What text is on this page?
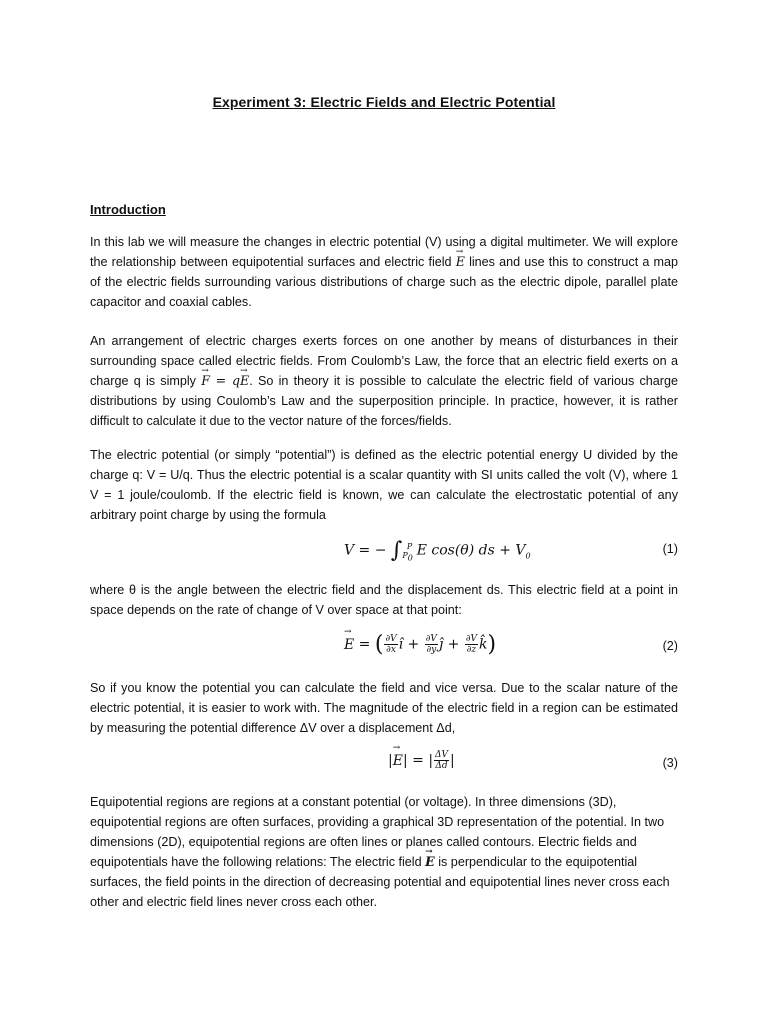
Experiment 3: Electric Fields and Electric Potential
Introduction

In this lab we will measure the changes in electric potential (V) using a digital multimeter. We will explore the relationship between equipotential surfaces and electric field → E lines and use this to construct a map of the electric fields surrounding various distributions of charge such as the electric dipole, parallel plate capacitor and coaxial cables.

An arrangement of electric charges exerts forces on one another by means of disturbances in their surrounding space called electric fields. From Coulomb’s Law, the force that an electric field exerts on a charge q is simply → F = q→ E. So in theory it is possible to calculate the electric field of various charge distributions by using Coulomb’s Law and the superposition principle. In practice, however, it is rather difficult to calculate it due to the vector nature of the forces/fields.

The electric potential (or simply “potential”) is defined as the electric potential energy U divided by the charge q: V = U/q. Thus the electric potential is a scalar quantity with SI units called the volt (V), where 1 V = 1 joule/coulomb. If the electric field is known, we can calculate the electrostatic potential of any arbitrary point charge by using the formula

V = − $\int_{P0}^P$ E cos(θ) ds + $V_0$	(1)

where θ is the angle between the electric field and the displacement ds. This electric field at a point in space depends on the rate of change of V over space at that point:

→ E = ( $\frac{\partial V}{\partial x}$ î + $\frac{\partial V}{\partial y}$ ĵ + $\frac{\partial V}{\partial z}$ k̂)	(2)

So if you know the potential you can calculate the field and vice versa. Due to the scalar nature of the electric potential, it is easier to work with. The magnitude of the electric field in a region can be estimated by measuring the potential difference ΔV over a displacement Δd,

|→ E| = | $\frac{\Delta V}{\Delta d}$ |	(3)

Equipotential regions are regions at a constant potential (or voltage). In three dimensions (3D), equipotential regions are often surfaces, providing a graphical 3D representation of the potential. In two dimensions (2D), equipotential regions are often lines or planes called contours. Electric fields and equipotentials have the following relations: The electric field → E is perpendicular to the equipotential surfaces, the field points in the direction of decreasing potential and equipotential lines never cross each other and electric field lines never cross each other.
